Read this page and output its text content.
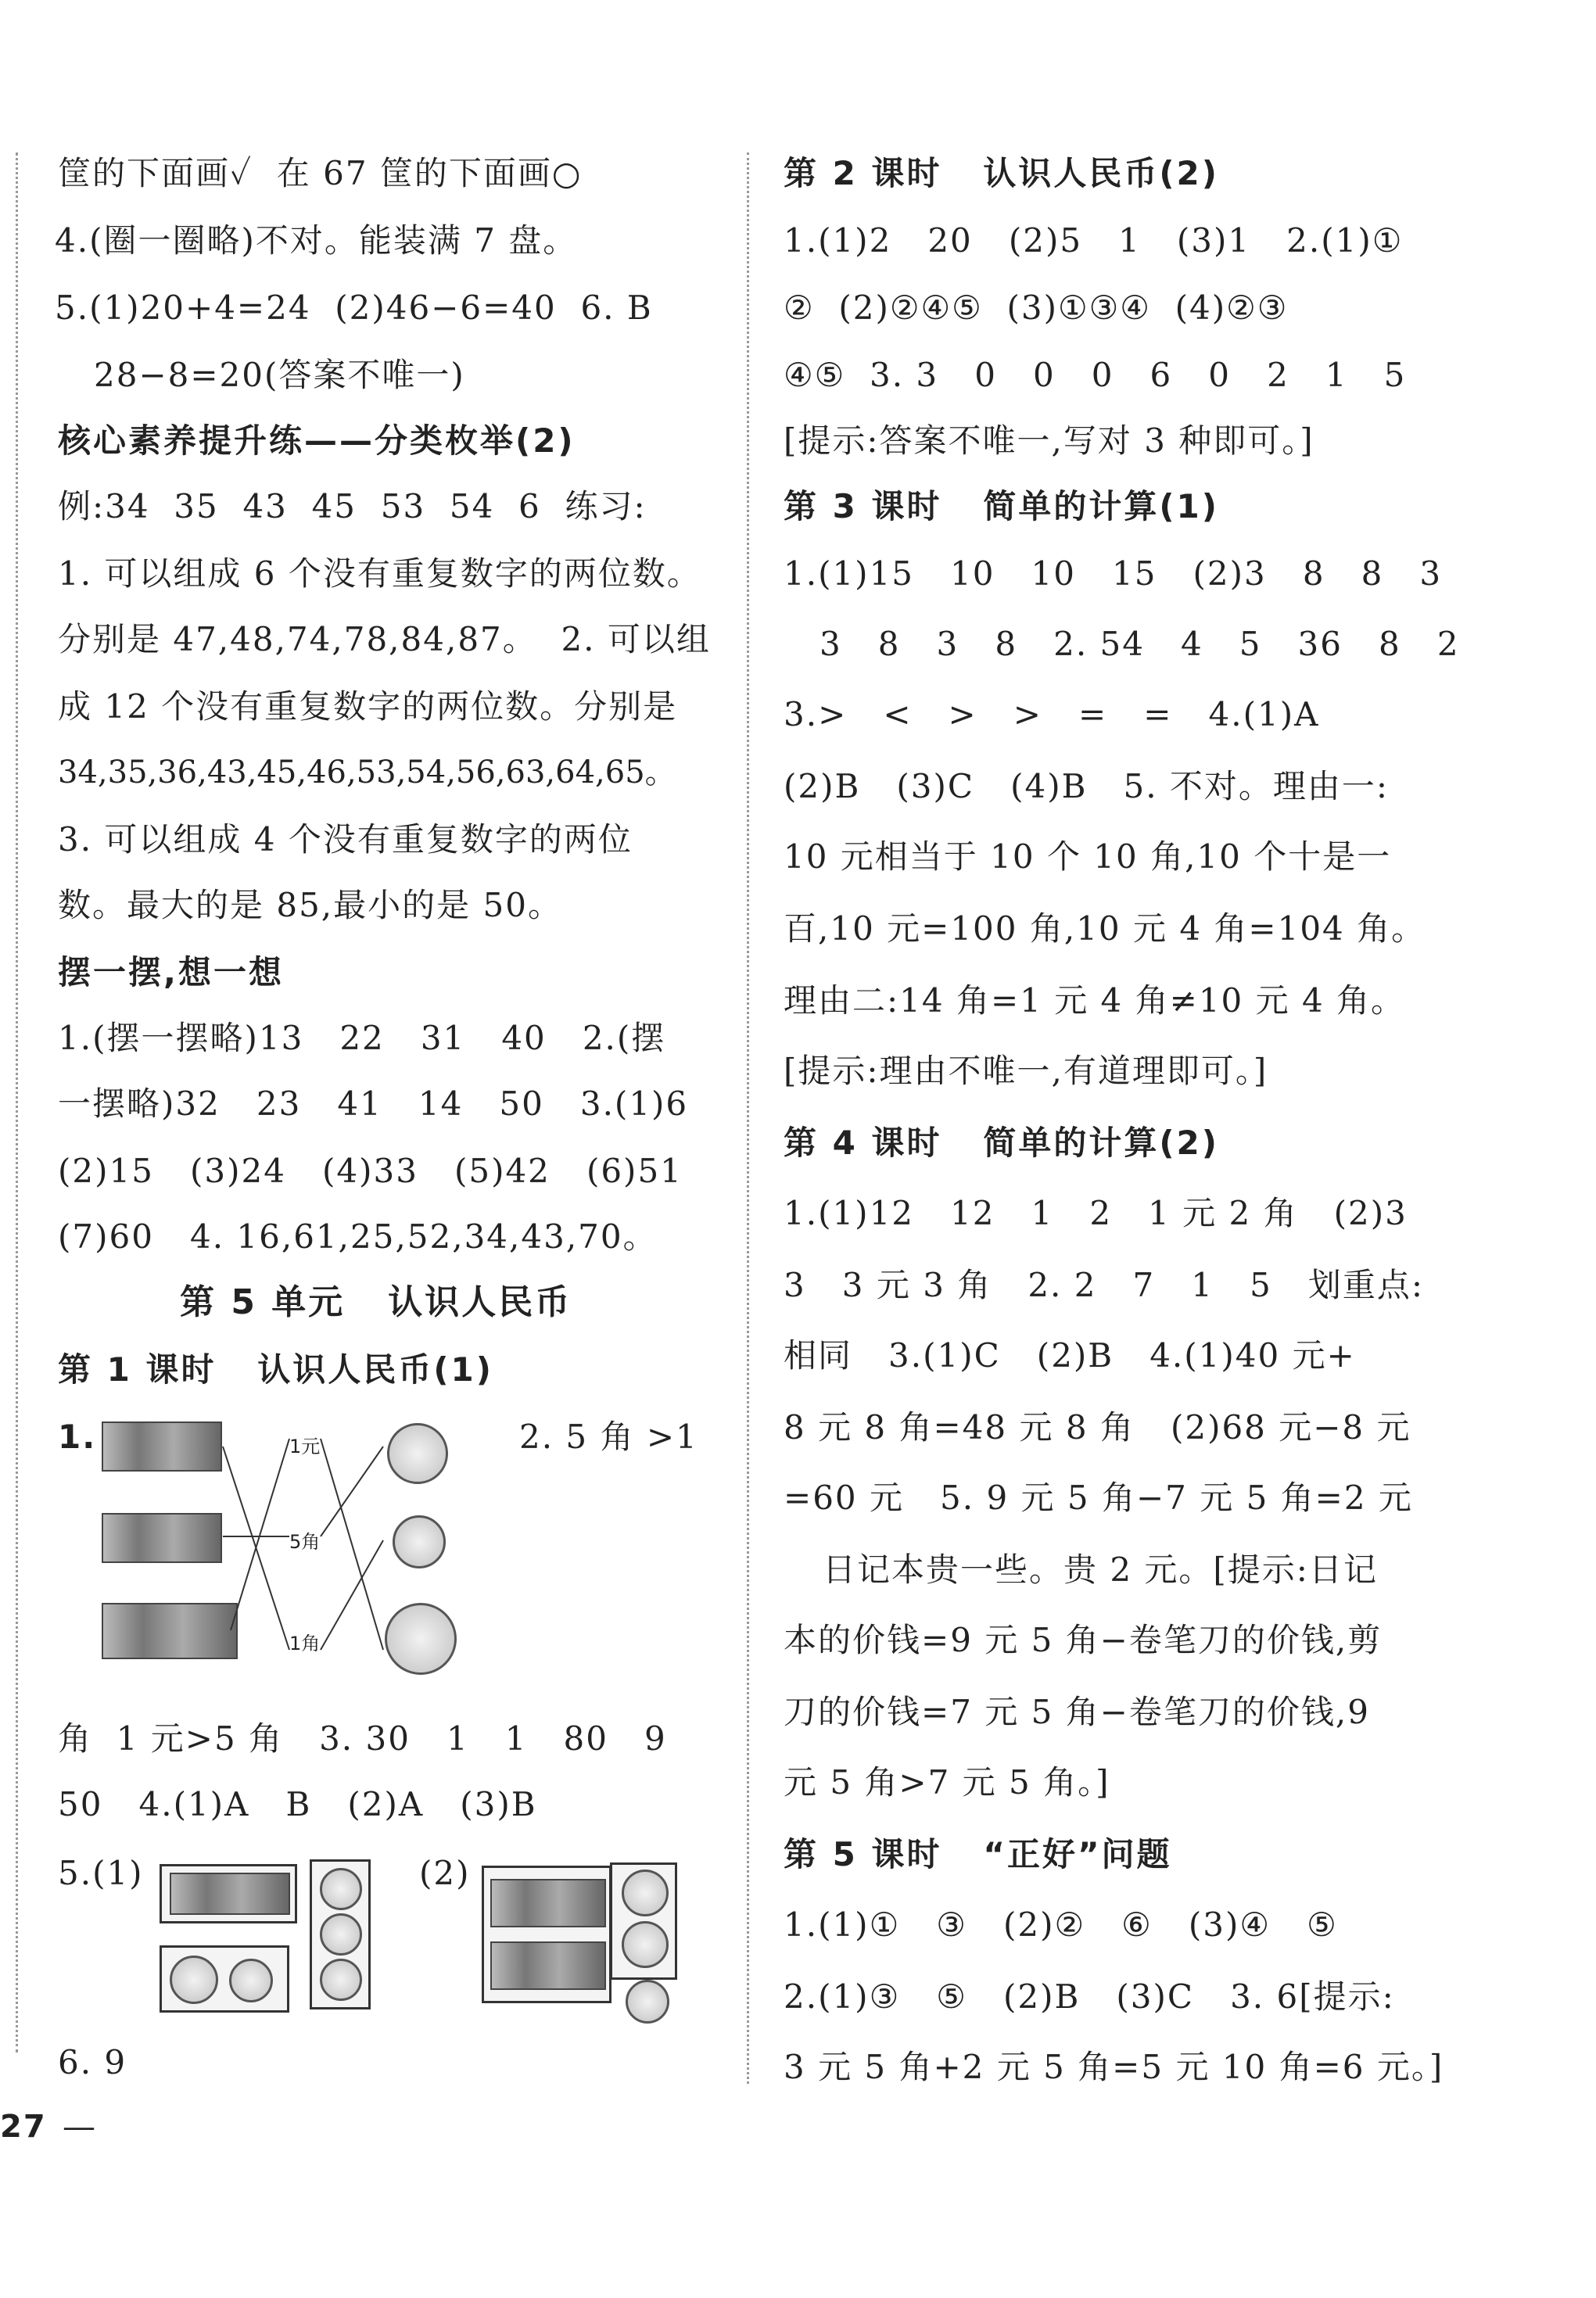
筐的下面画✓  在 67 筐的下面画○
4.(圈一圈略)不对。能装满 7 盘。
5.(1)20+4=24  (2)46−6=40  6. B
28−8=20(答案不唯一)
核心素养提升练——分类枚举(2)
例:34  35  43  45  53  54  6  练习:
1. 可以组成 6 个没有重复数字的两位数。
分别是 47,48,74,78,84,87。  2. 可以组
成 12 个没有重复数字的两位数。分别是
34,35,36,43,45,46,53,54,56,63,64,65。
3. 可以组成 4 个没有重复数字的两位
数。最大的是 85,最小的是 50。
摆一摆,想一想
1.(摆一摆略)13   22   31   40   2.(摆
一摆略)32   23   41   14   50   3.(1)6
(2)15   (3)24   (4)33   (5)42   (6)51
(7)60   4. 16,61,25,52,34,43,70。
第 5 单元   认识人民币
第 1 课时   认识人民币(1)
1.	2. 5 角 >1
1元
5角
1角
角  1 元>5 角   3. 30   1   1   80   9
50   4.(1)A   B   (2)A   (3)B
5.(1)	(2)
6. 9
27 —
第 2 课时   认识人民币(2)
1.(1)2   20   (2)5   1   (3)1   2.(1)①
②  (2)②④⑤  (3)①③④  (4)②③
④⑤  3. 3   0   0   0   6   0   2   1   5
[提示:答案不唯一,写对 3 种即可。]
第 3 课时   简单的计算(1)
1.(1)15   10   10   15   (2)3   8   8   3
3   8   3   8   2. 54   4   5   36   8   2
3.>   <   >   >   =   =   4.(1)A
(2)B   (3)C   (4)B   5. 不对。理由一:
10 元相当于 10 个 10 角,10 个十是一
百,10 元=100 角,10 元 4 角=104 角。
理由二:14 角=1 元 4 角≠10 元 4 角。
[提示:理由不唯一,有道理即可。]
第 4 课时   简单的计算(2)
1.(1)12   12   1   2   1 元 2 角   (2)3
3   3 元 3 角   2. 2   7   1   5   划重点:
相同   3.(1)C   (2)B   4.(1)40 元+
8 元 8 角=48 元 8 角   (2)68 元−8 元
=60 元   5. 9 元 5 角−7 元 5 角=2 元
日记本贵一些。贵 2 元。[提示:日记
本的价钱=9 元 5 角−卷笔刀的价钱,剪
刀的价钱=7 元 5 角−卷笔刀的价钱,9
元 5 角>7 元 5 角。]
第 5 课时   “正好”问题
1.(1)①   ③   (2)②   ⑥   (3)④   ⑤
2.(1)③   ⑤   (2)B   (3)C   3. 6[提示:
3 元 5 角+2 元 5 角=5 元 10 角=6 元。]
